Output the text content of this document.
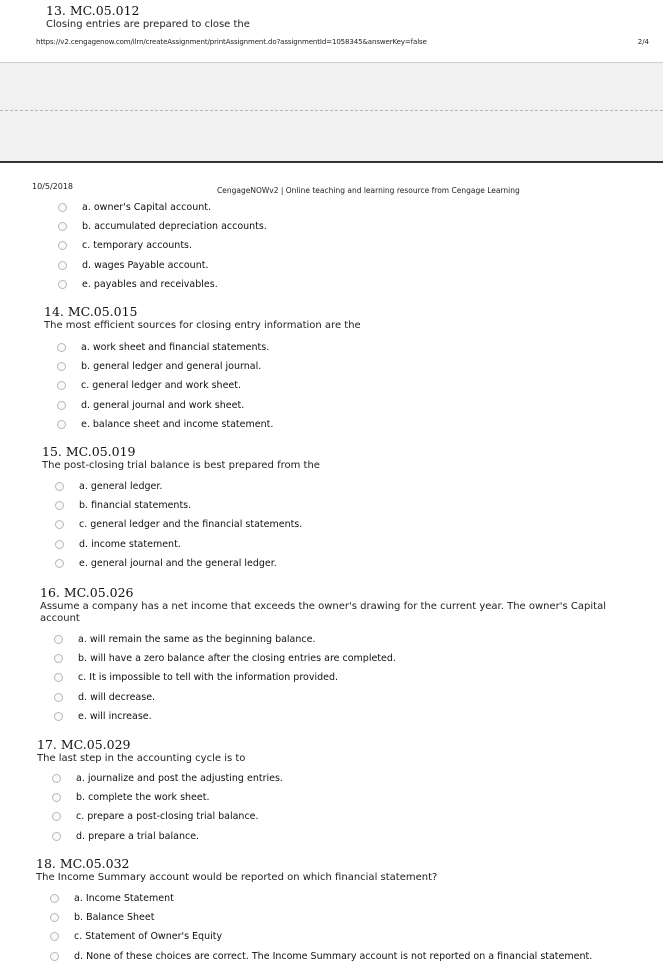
13. MC.05.012
Closing entries are prepared to close the
https://v2.cengagenow.com/ilrn/createAssignment/printAssignment.do?assignmentId=1058345&answerKey=false	2/4
10/5/2018	CengageNOWv2 | Online teaching and learning resource from Cengage Learning
a. owner's Capital account.
b. accumulated depreciation accounts.
c. temporary accounts.
d. wages Payable account.
e. payables and receivables.
14. MC.05.015
The most efficient sources for closing entry information are the
a. work sheet and financial statements.
b. general ledger and general journal.
c. general ledger and work sheet.
d. general journal and work sheet.
e. balance sheet and income statement.
15. MC.05.019
The post-closing trial balance is best prepared from the
a. general ledger.
b. financial statements.
c. general ledger and the financial statements.
d. income statement.
e. general journal and the general ledger.
16. MC.05.026
Assume a company has a net income that exceeds the owner's drawing for the current year. The owner's Capital account
a. will remain the same as the beginning balance.
b. will have a zero balance after the closing entries are completed.
c. It is impossible to tell with the information provided.
d. will decrease.
e. will increase.
17. MC.05.029
The last step in the accounting cycle is to
a. journalize and post the adjusting entries.
b. complete the work sheet.
c. prepare a post-closing trial balance.
d. prepare a trial balance.
18. MC.05.032
The Income Summary account would be reported on which financial statement?
a. Income Statement
b. Balance Sheet
c. Statement of Owner's Equity
d. None of these choices are correct. The Income Summary account is not reported on a financial statement.
